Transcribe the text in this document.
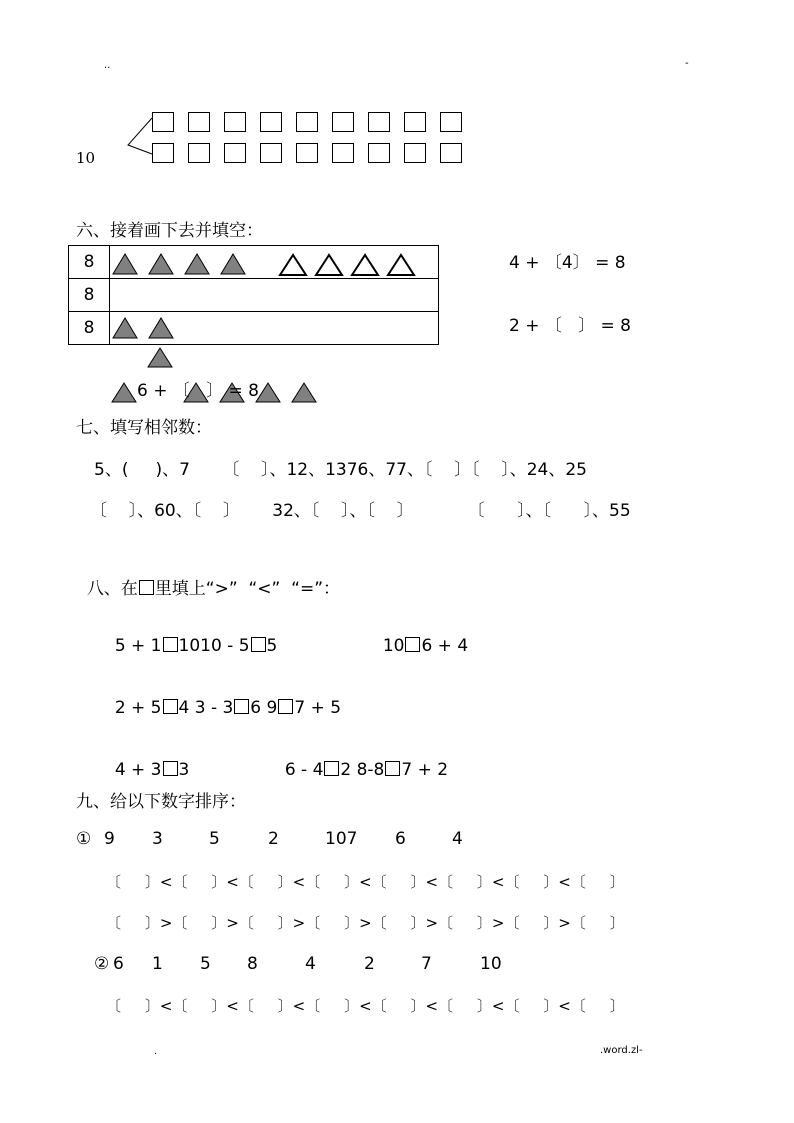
..	-
10
六、接着画下去并填空：
8	

8	
8	
4 + 〔4〕 = 8
2 + 〔   〕 = 8
6 + 〔   〕 = 8
七、填写相邻数：
5、(     )、7      〔    〕、12、1376、77、〔    〕〔    〕、24、25
〔    〕、60、〔    〕      32、〔    〕、〔    〕          〔      〕、〔      〕、55

八、在 里填上“>”  “<”  “=”：

5 + 1 1010 - 5 5	10 6 + 4

2 + 5 4 3 - 3 6 9 7 + 5

4 + 3 3	6 - 4 2 8-8 7 + 2

九、给以下数字排序：
① 9 3	5	2	107 6	4
〔     〕<〔     〕<〔     〕<〔     〕<〔     〕<〔     〕<〔     〕<〔     〕
〔     〕>〔     〕>〔     〕>〔     〕>〔     〕>〔     〕>〔     〕>〔     〕
② 6 1 5 8	4	2	7	10
〔     〕<〔     〕<〔     〕<〔     〕<〔     〕<〔     〕<〔     〕<〔     〕
.	.word.zl-
